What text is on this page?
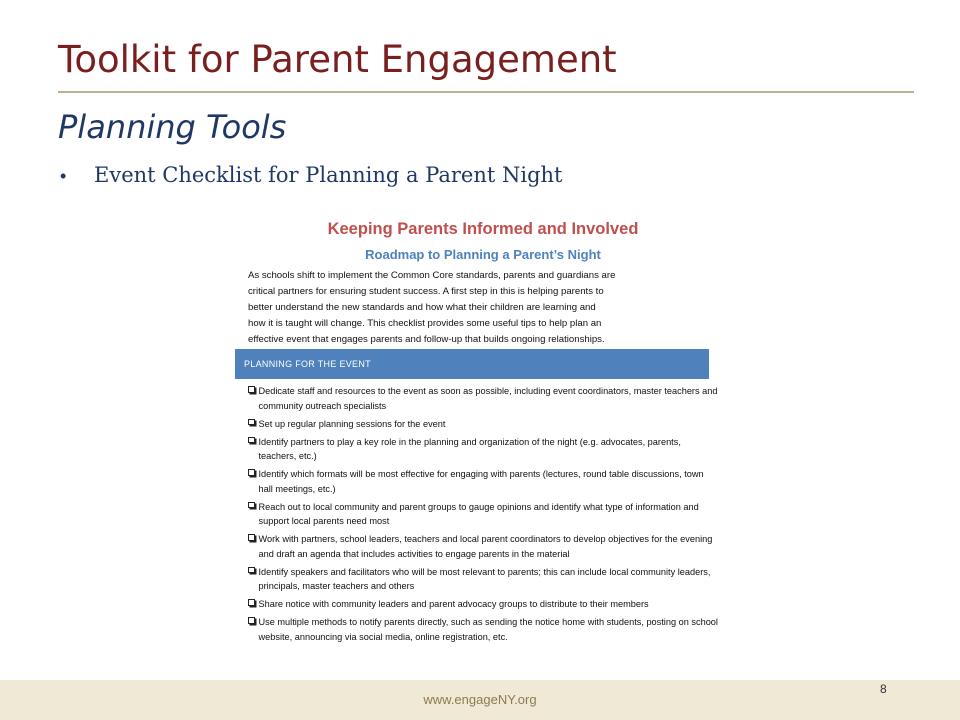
Toolkit for Parent Engagement
Planning Tools
•	Event Checklist for Planning a Parent Night
Keeping Parents Informed and Involved
Roadmap to Planning a Parent’s Night

As schools shift to implement the Common Core standards, parents and guardians are
critical partners for ensuring student success. A first step in this is helping parents to
better understand the new standards and how what their children are learning and
how it is taught will change. This checklist provides some useful tips to help plan an
effective event that engages parents and follow-up that builds ongoing relationships.

PLANNING FOR THE EVENT
Dedicate staff and resources to the event as soon as possible, including event coordinators, master teachers and community outreach specialists
Set up regular planning sessions for the event
Identify partners to play a key role in the planning and organization of the night (e.g. advocates, parents, teachers, etc.)
Identify which formats will be most effective for engaging with parents (lectures, round table discussions, town hall meetings, etc.)
Reach out to local community and parent groups to gauge opinions and identify what type of information and support local parents need most
Work with partners, school leaders, teachers and local parent coordinators to develop objectives for the evening and draft an agenda that includes activities to engage parents in the material
Identify speakers and facilitators who will be most relevant to parents; this can include local community leaders, principals, master teachers and others
Share notice with community leaders and parent advocacy groups to distribute to their members
Use multiple methods to notify parents directly, such as sending the notice home with students, posting on school website, announcing via social media, online registration, etc.
www.engageNY.org
8
